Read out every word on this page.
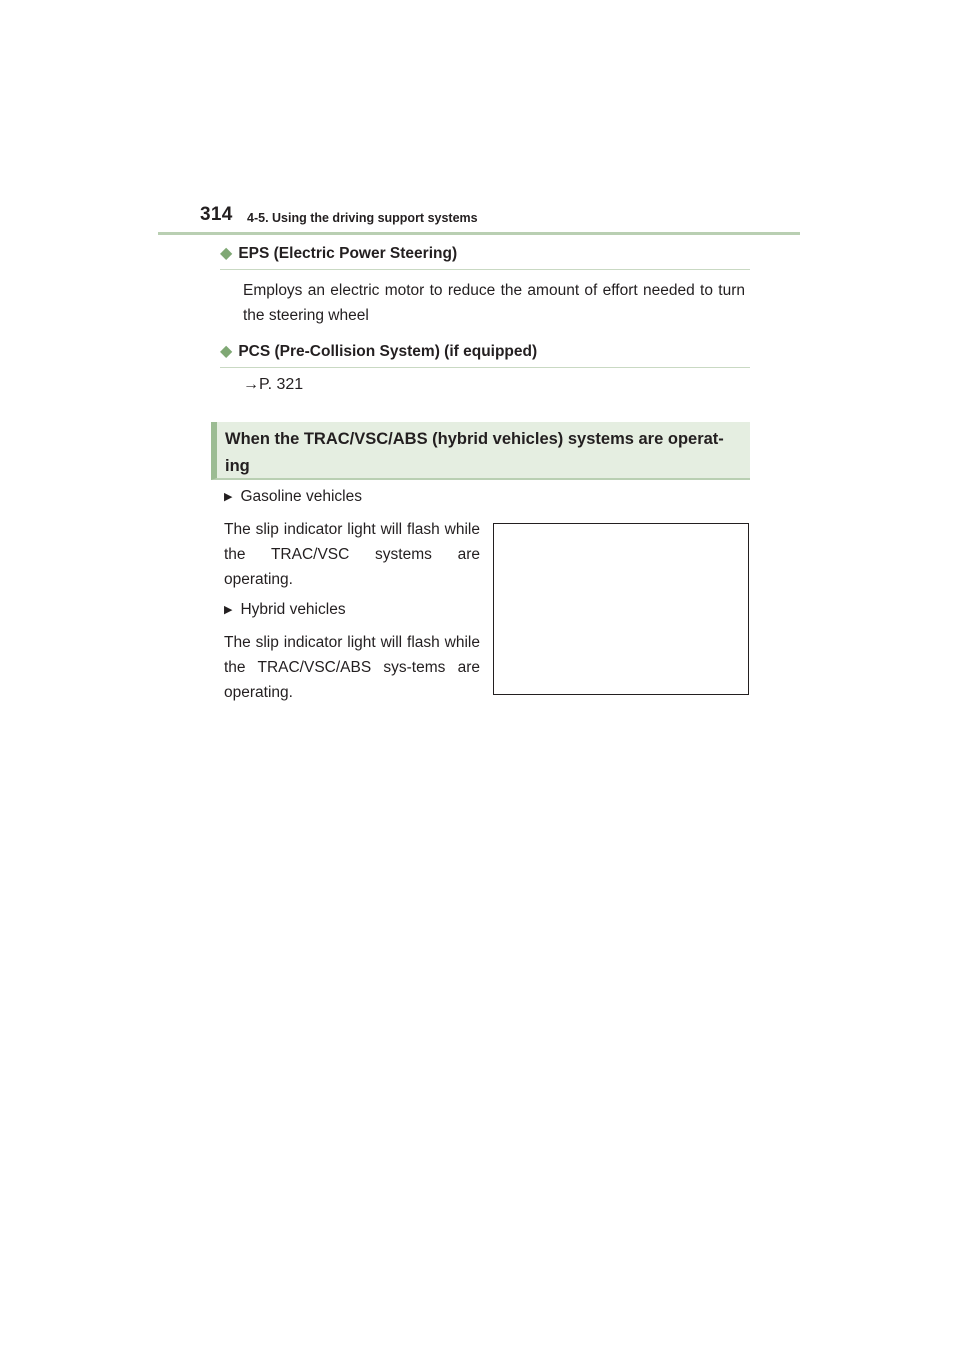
314 4-5. Using the driving support systems
◆ EPS (Electric Power Steering)
Employs an electric motor to reduce the amount of effort needed to turn the steering wheel
◆ PCS (Pre-Collision System) (if equipped)
→P. 321
When the TRAC/VSC/ABS (hybrid vehicles) systems are operat-ing
▶ Gasoline vehicles
The slip indicator light will flash while the TRAC/VSC systems are operating.
▶ Hybrid vehicles
The slip indicator light will flash while the TRAC/VSC/ABS sys-tems are operating.
